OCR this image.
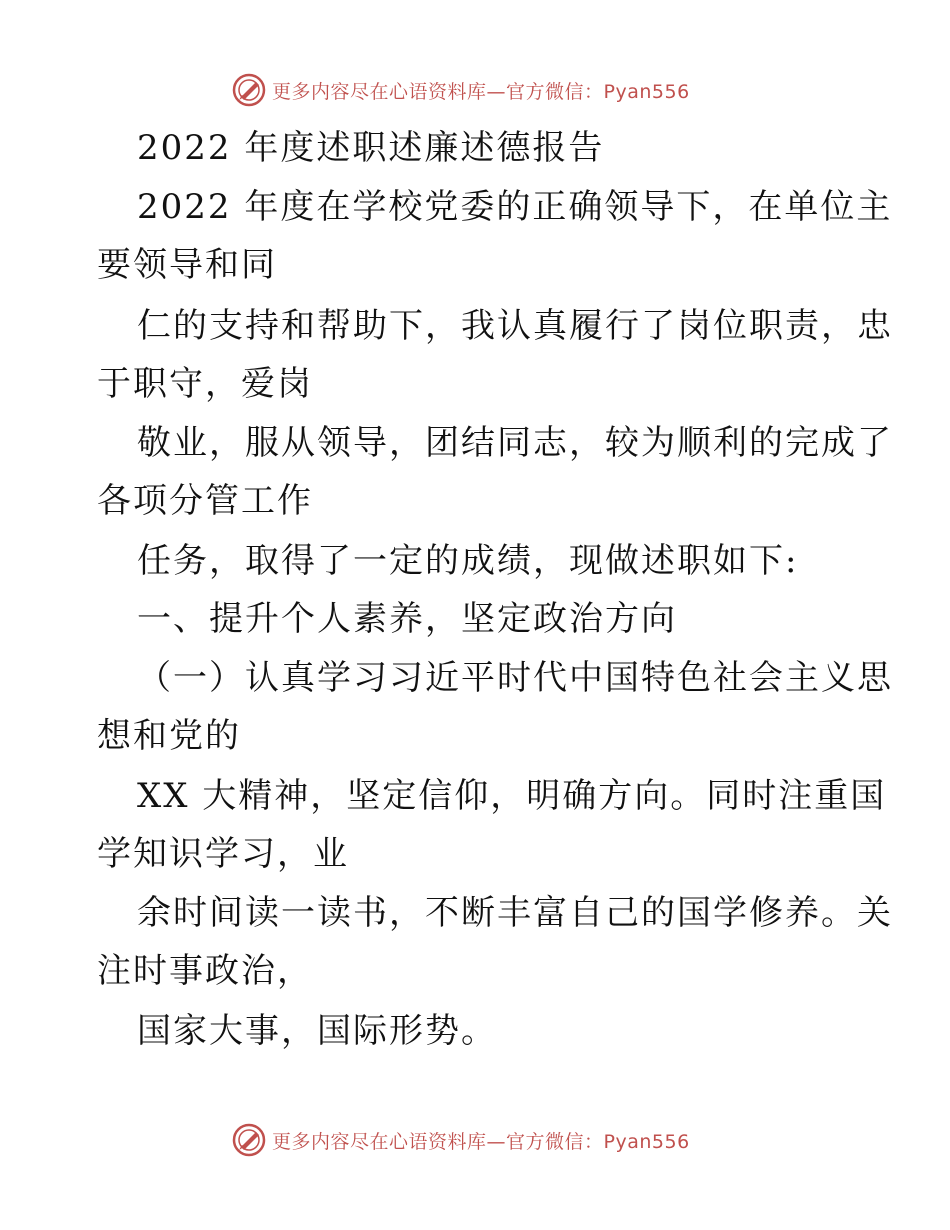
更多内容尽在心语资料库—官方微信：Pyan556
2022 年度述职述廉述德报告
2022 年度在学校党委的正确领导下，在单位主
要领导和同
仁的支持和帮助下，我认真履行了岗位职责，忠
于职守，爱岗
敬业，服从领导，团结同志，较为顺利的完成了
各项分管工作
任务，取得了一定的成绩，现做述职如下:
一、提升个人素养，坚定政治方向
（一）认真学习习近平时代中国特色社会主义思
想和党的
XX 大精神，坚定信仰，明确方向。同时注重国
学知识学习，业
余时间读一读书，不断丰富自己的国学修养。关
注时事政治，
国家大事，国际形势。
更多内容尽在心语资料库—官方微信：Pyan556
